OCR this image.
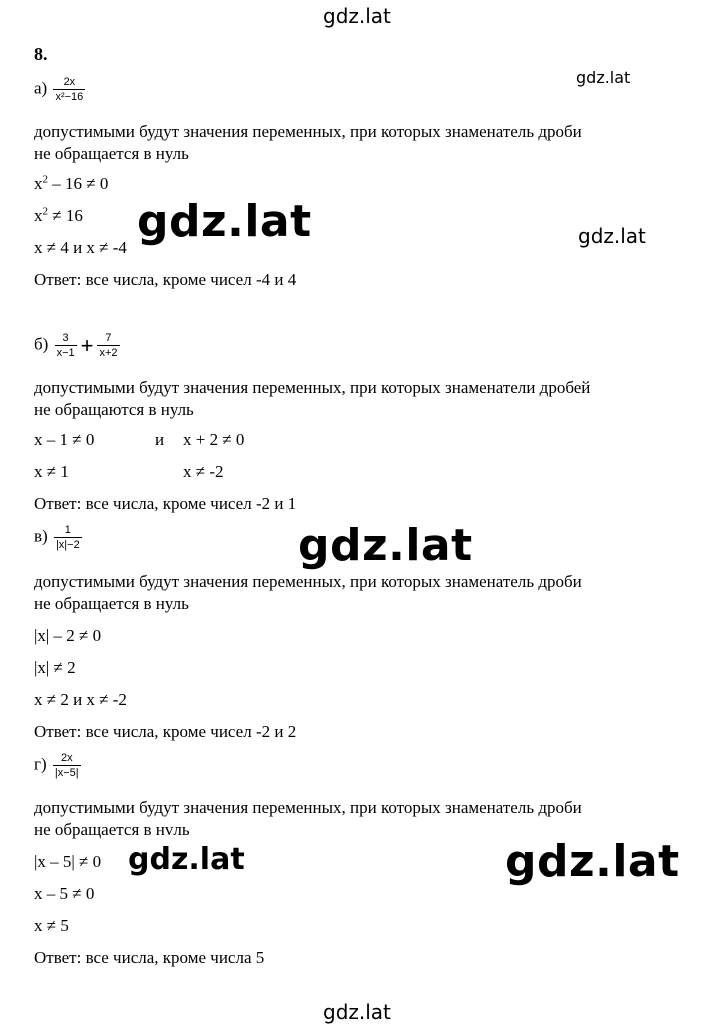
gdz.lat
gdz.lat
8.
$а) \frac{2x}{\text{x²−16}}$
допустимыми будут значения переменных, при которых знаменатель дроби
не обращается в нуль
$x^2 - 16 \ne 0$
$x^2 \ne 16$
x ≠ 4 и x ≠ -4
Ответ: все числа, кроме чисел -4 и 4
gdz.lat	gdz.lat
$б) \frac{3}{x-1} + \frac{7}{x+2}$
допустимыми будут значения переменных, при которых знаменатели дробей
не обращаются в нуль
x – 1 ≠ 0	и x + 2 ≠ 0
x ≠ 1	x ≠ -2
Ответ: все числа, кроме чисел -2 и 1
$в) \frac{1}{|x|-2}$	gdz.lat
допустимыми будут значения переменных, при которых знаменатель дроби
не обращается в нуль
|x| – 2 ≠ 0
|x| ≠ 2
x ≠ 2 и x ≠ -2
Ответ: все числа, кроме чисел -2 и 2
$г) \frac{2x}{|x-5|}$
допустимыми будут значения переменных, при которых знаменатель дроби
не обращается в нvль
|x – 5| ≠ 0
x – 5 ≠ 0
x ≠ 5
Ответ: все числа, кроме числа 5
gdz.lat	gdz.lat
gdz.lat
